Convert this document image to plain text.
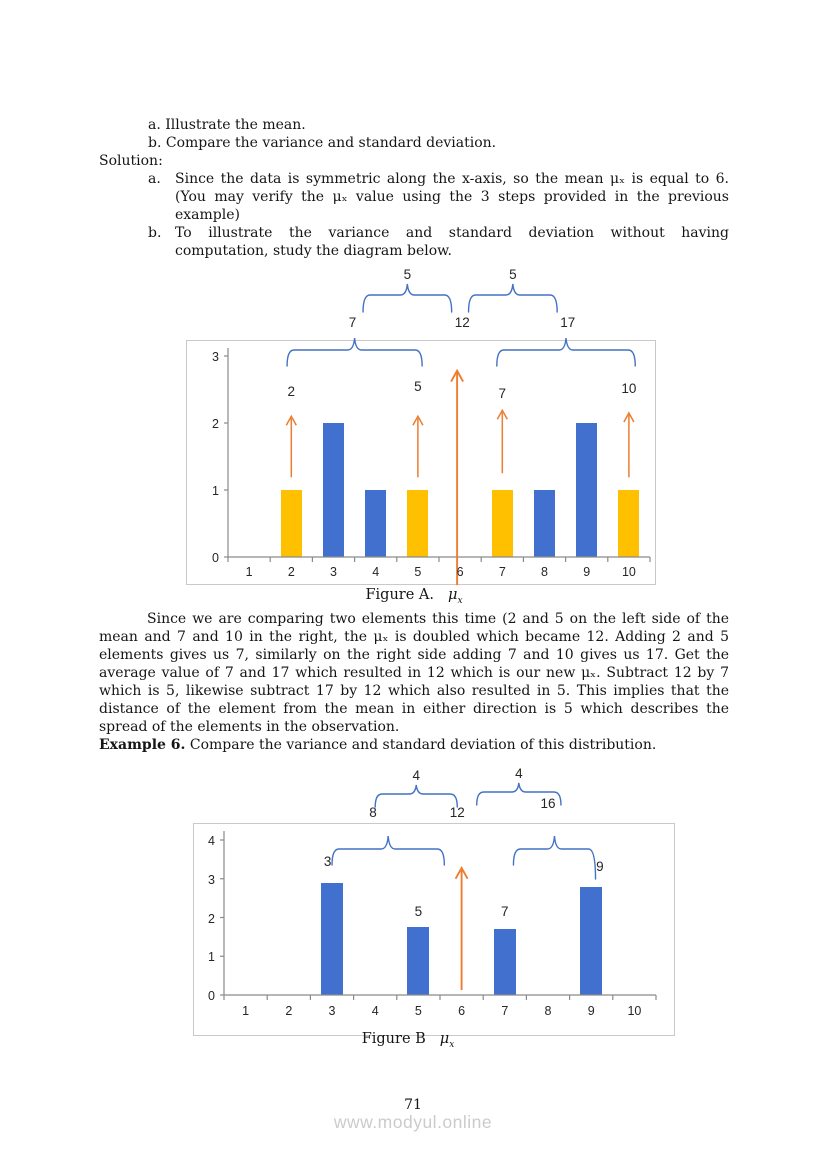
a. Illustrate the mean.
b. Compare the variance and standard deviation.
Solution:
a.	Since the data is symmetric along the x-axis, so the mean μₓ is equal to 6. (You may verify the μₓ value using the 3 steps provided in the previous example)
b. To illustrate the variance and standard deviation without having computation, study the diagram below.
0
1
2
3
1	2	3	4	5	6	7	8	9	10
5	5
7	12	17
2	5	7	10
Figure A. $\mu_x$
Since we are comparing two elements this time (2 and 5 on the left side of the mean and 7 and 10 in the right, the μₓ is doubled which became 12. Adding 2 and 5 elements gives us 7, similarly on the right side adding 7 and 10 gives us 17. Get the average value of 7 and 17 which resulted in 12 which is our new μₓ. Subtract 12 by 7 which is 5, likewise subtract 17 by 12 which also resulted in 5. This implies that the distance of the element from the mean in either direction is 5 which describes the spread of the elements in the observation.
Example 6. Compare the variance and standard deviation of this distribution.
0
1
2
3
4
1	2	3	4	5	6	7	8	9	10
4	4
8	12
16
3
5	7
9
Figure B $\mu_x$
71
www.modyul.online
